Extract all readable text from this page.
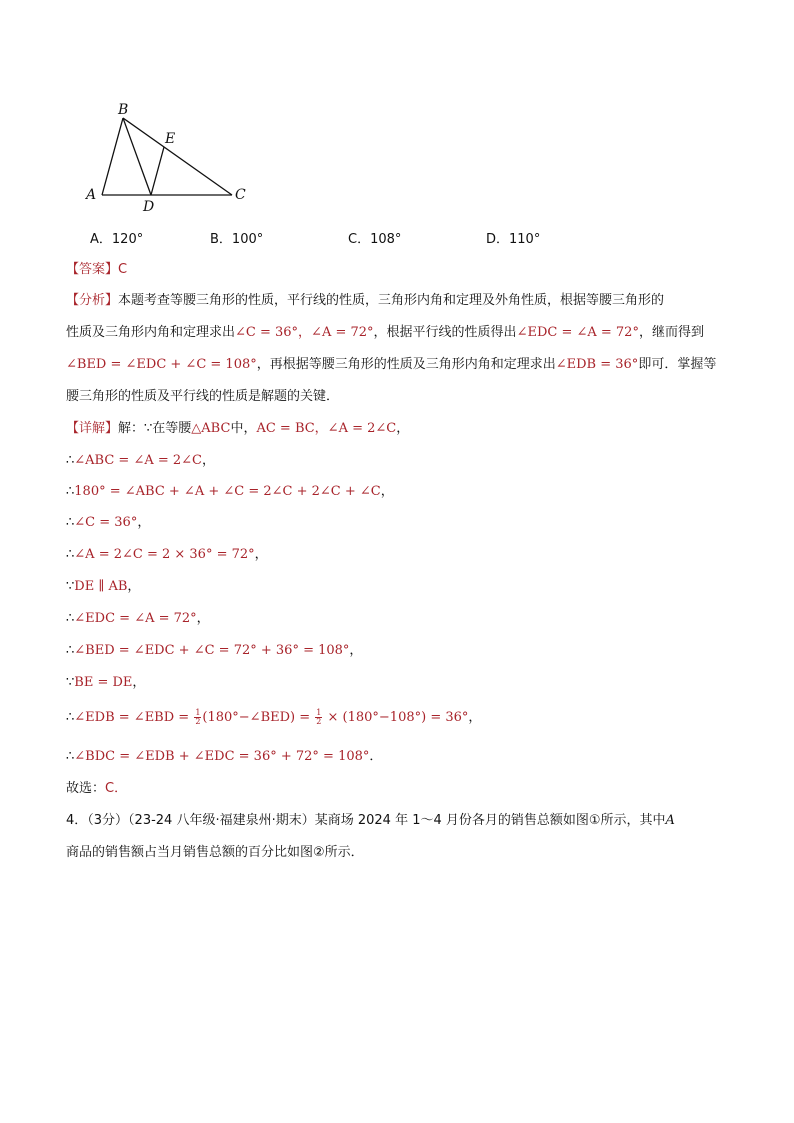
A
B
C
D
E
A．120°	B．100°	C．108°	D．110°
【答案】C
【分析】本题考查等腰三角形的性质，平行线的性质，三角形内角和定理及外角性质，根据等腰三角形的
性质及三角形内角和定理求出∠C = 36°，∠A = 72°，根据平行线的性质得出∠EDC = ∠A = 72°，继而得到
∠BED = ∠EDC + ∠C = 108°，再根据等腰三角形的性质及三角形内角和定理求出∠EDB = 36°即可．掌握等
腰三角形的性质及平行线的性质是解题的关键．
【详解】解：∵在等腰△ABC中，AC = BC，∠A = 2∠C，
∴∠ABC = ∠A = 2∠C，
∴180° = ∠ABC + ∠A + ∠C = 2∠C + 2∠C + ∠C，
∴∠C = 36°，
∴∠A = 2∠C = 2 × 36° = 72°，
∵DE ∥ AB，
∴∠EDC = ∠A = 72°，
∴∠BED = ∠EDC + ∠C = 72° + 36° = 108°，
∵BE = DE，
∴∠EDB = ∠EBD = $\frac{1}{2}$ (180°−∠BED) = $\frac{1}{2} \times (180^\circ-108^\circ) = 36^\circ$，
∴∠BDC = ∠EDB + ∠EDC = 36° + 72° = 108°．
故选：C．
4．（3分）（23-24 八年级·福建泉州·期末）某商场 2024 年 1～4 月份各月的销售总额如图①所示，其中A
商品的销售额占当月销售总额的百分比如图②所示．
